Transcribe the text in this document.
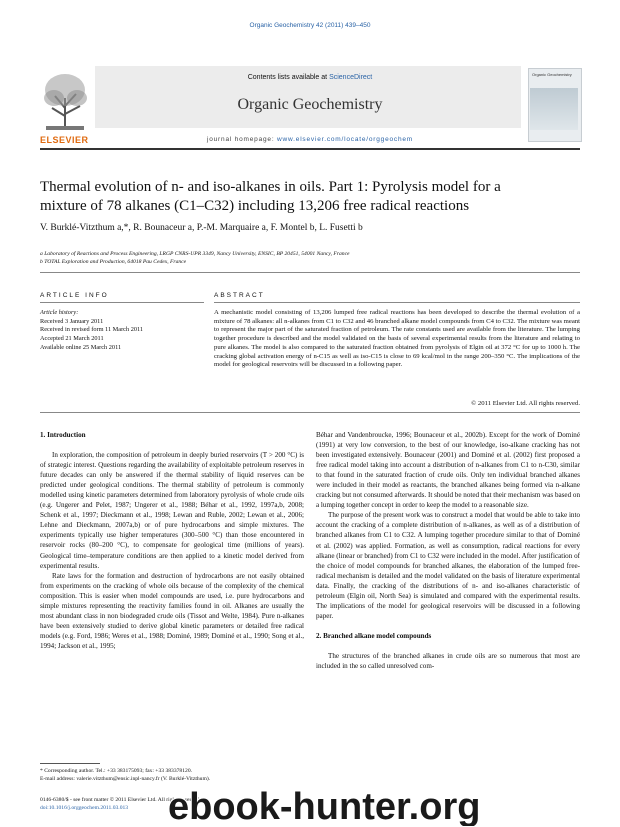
Organic Geochemistry 42 (2011) 439–450
Contents lists available at ScienceDirect
Organic Geochemistry
journal homepage: www.elsevier.com/locate/orggeochem
ELSEVIER
Organic Geochemistry
Thermal evolution of n- and iso-alkanes in oils. Part 1: Pyrolysis model for a
mixture of 78 alkanes (C1–C32) including 13,206 free radical reactions
V. Burklé-Vitzthum a,*, R. Bounaceur a, P.-M. Marquaire a, F. Montel b, L. Fusetti b
a Laboratory of Reactions and Process Engineering, LRGP CNRS-UPR 3349, Nancy University, ENSIC, BP 20451, 54001 Nancy, France
b TOTAL Exploration and Production, 64018 Pau Cedex, France
ARTICLE INFO	ABSTRACT
Article history:
Received 3 January 2011
Received in revised form 11 March 2011
Accepted 21 March 2011
Available online 25 March 2011
A mechanistic model consisting of 13,206 lumped free radical reactions has been developed to describe the thermal evolution of a mixture of 78 alkanes: all n-alkanes from C1 to C32 and 46 branched alkane model compounds from C4 to C32. The mixture was meant to represent the major part of the saturated fraction of petroleum. The rate constants used are available from the literature. The lumping together procedure is described and the model validated on the basis of several experimental results from the literature and relating to pure alkanes. The model is also compared to the saturated fraction obtained from pyrolysis of Elgin oil at 372 °C for up to 1000 h. The cracking global activation energy of n-C15 as well as iso-C15 is close to 69 kcal/mol in the range 200–350 °C. The implications of the model for geological reservoirs will be discussed in a following paper.
© 2011 Elsevier Ltd. All rights reserved.

1. Introduction

In exploration, the composition of petroleum in deeply buried reservoirs (T > 200 °C) is of strategic interest. Questions regarding the availability of exploitable petroleum reserves in future decades can only be answered if the thermal stability of liquid reserves can be predicted under geological conditions. The thermal stability of petroleum is commonly modelled using kinetic parameters determined from laboratory pyrolysis of whole crude oils (e.g. Ungerer and Pelet, 1987; Ungerer et al., 1988; Béhar et al., 1992, 1997a,b, 2008; Schenk et al., 1997; Dieckmann et al., 1998; Lewan and Ruble, 2002; Lewan et al., 2006; Lehne and Dieckmann, 2007a,b) or of pure hydrocarbons and simple mixtures. The experiments typically use higher temperatures (300–500 °C) than those encountered in reservoir rocks (80–200 °C), to compensate for geological time (millions of years). Geological time–temperature conditions are then applied to a kinetic model derived from experimental results.

Rate laws for the formation and destruction of hydrocarbons are not easily obtained from experiments on the cracking of whole oils because of the complexity of the chemical composition. This is easier when model compounds are used, i.e. pure hydrocarbons and simple mixtures representing the reactivity families found in oil. Alkanes are usually the most abundant class in non biodegraded crude oils (Tissot and Welte, 1984). Pure n-alkanes have been extensively studied to derive global kinetic parameters or detailed free radical models (e.g. Ford, 1986; Weres et al., 1988; Dominé, 1989; Dominé et al., 1990; Song et al., 1994; Jackson et al., 1995;

Béhar and Vandenbroucke, 1996; Bounaceur et al., 2002b). Except for the work of Dominé (1991) at very low conversion, to the best of our knowledge, iso-alkane cracking has not been investigated extensively. Bounaceur (2001) and Dominé et al. (2002) first proposed a free radical model taking into account a distribution of n-alkanes from C1 to n-C30, similar to that found in the saturated fraction of crude oils. Only ten individual branched alkanes were included in their model as reactants, the branched alkanes being formed via n-alkane cracking but not consumed afterwards. It should be noted that their mechanism was based on a lumping together concept in order to keep the model to a reasonable size.

The purpose of the present work was to construct a model that would be able to take into account the cracking of a complete distribution of n-alkanes, as well as of a distribution of branched alkanes from C1 to C32. A lumping together procedure similar to that of Dominé et al. (2002) was applied. Formation, as well as consumption, radical reactions for every alkane (linear or branched) from C1 to C32 were included in the model. After justification of the choice of model compounds for branched alkanes, the elaboration of the lumped free-radical mechanism is detailed and the model validated on the basis of literature experimental data. Finally, the cracking of the distributions of n- and iso-alkanes characteristic of petroleum (Elgin oil, North Sea) is simulated and compared with the experimental results. The implications of the model for geological reservoirs will be discussed in a following paper.

2. Branched alkane model compounds

The structures of the branched alkanes in crude oils are so numerous that most are included in the so called unresolved com-

* Corresponding author. Tel.: +33 383175093; fax: +33 383378120.
E-mail address: valerie.vitzthum@ensic.inpl-nancy.fr (V. Burklé-Vitzthum).
0146-6380/$ - see front matter © 2011 Elsevier Ltd. All rights reserved.
doi:10.1016/j.orggeochem.2011.03.013	ebook-hunter.org
